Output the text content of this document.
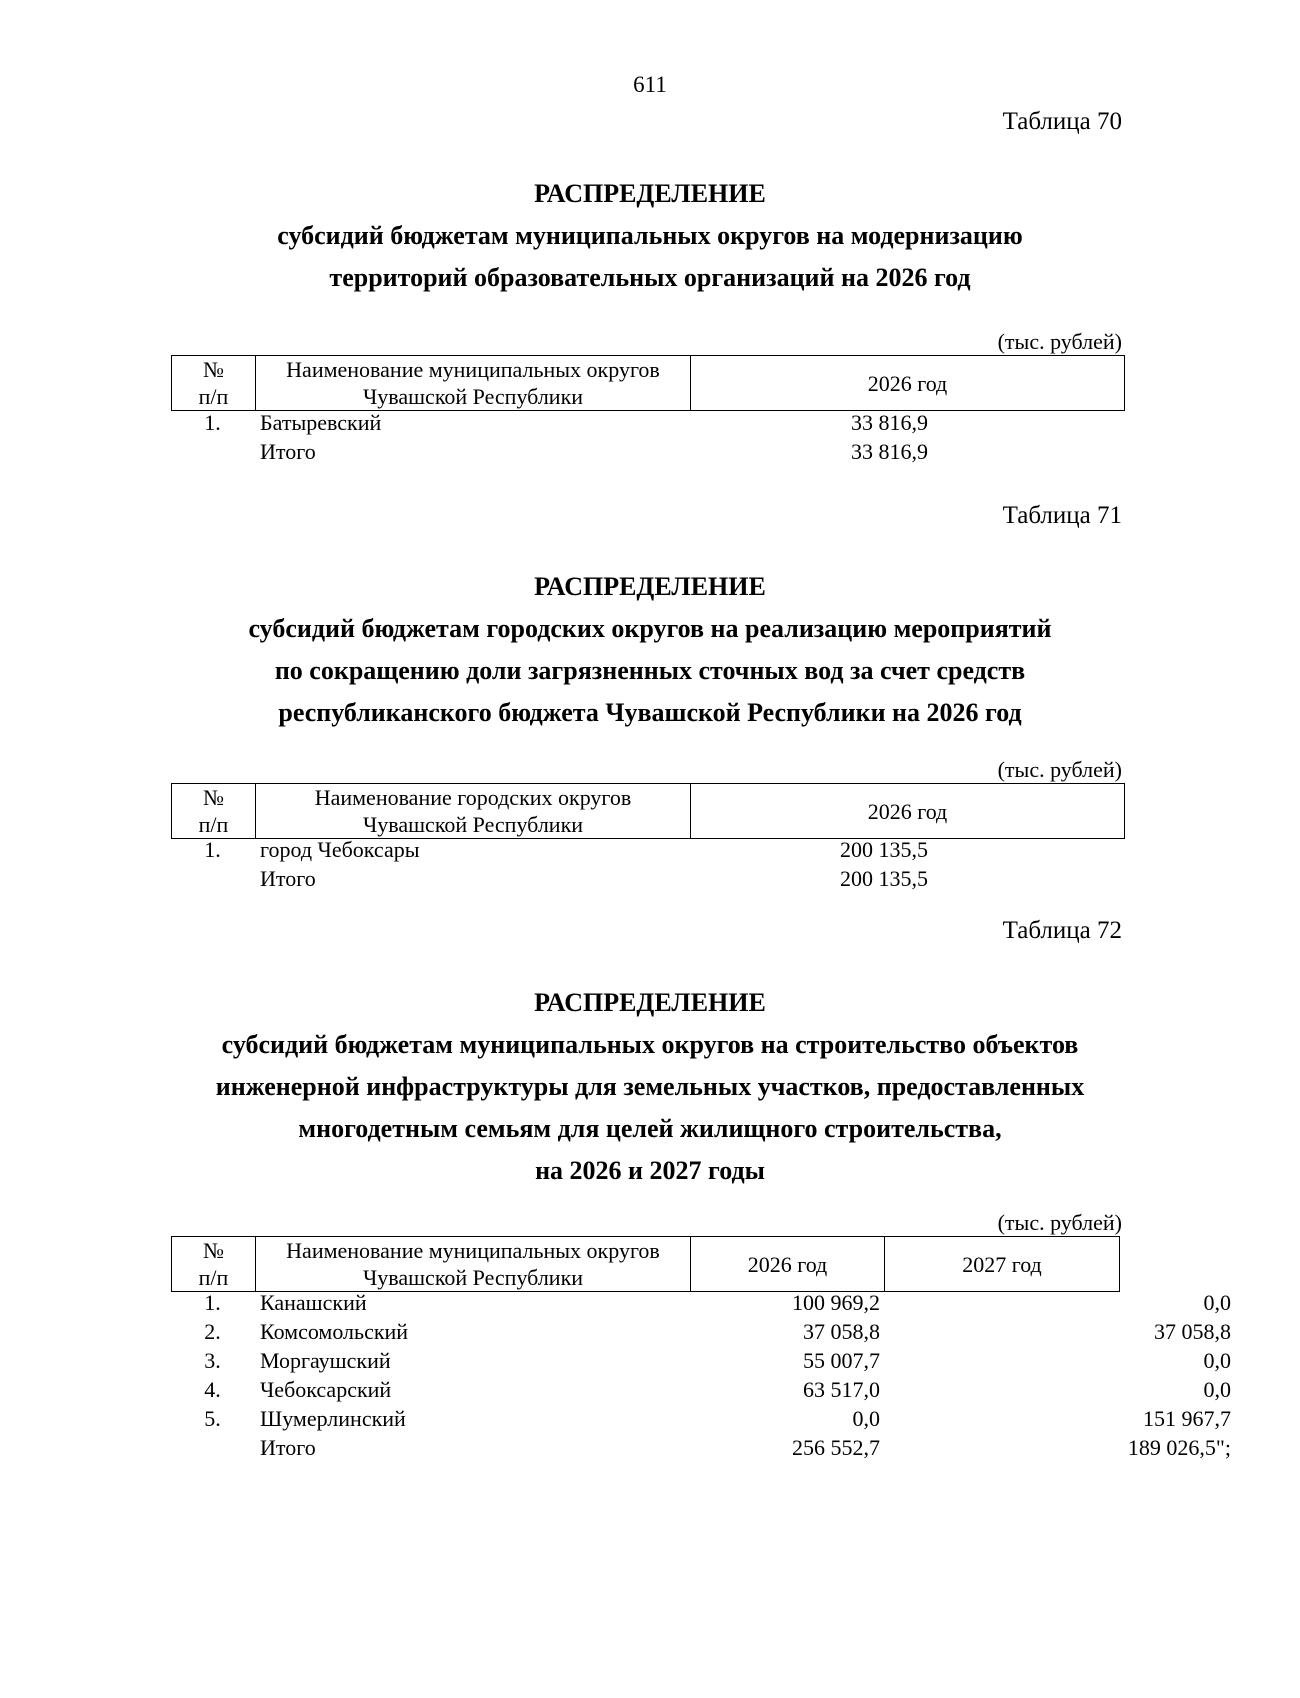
611
Таблица 70
РАСПРЕДЕЛЕНИЕ
субсидий бюджетам муниципальных округов на модернизацию
территорий образовательных организаций на 2026 год
(тыс. рублей)
№
п/п

Наименование муниципальных округов
Чувашской Республики
	2026 год
1.	Батыревский	33 816,9
Итого	33 816,9
Таблица 71
РАСПРЕДЕЛЕНИЕ
субсидий бюджетам городских округов на реализацию мероприятий
по сокращению доли загрязненных сточных вод за счет средств
республиканского бюджета Чувашской Республики на 2026 год
(тыс. рублей)
№
п/п

Наименование городских округов
Чувашской Республики
	2026 год
1.	город Чебоксары	200 135,5
Итого	200 135,5
Таблица 72
РАСПРЕДЕЛЕНИЕ
субсидий бюджетам муниципальных округов на строительство объектов
инженерной инфраструктуры для земельных участков, предоставленных
многодетным семьям для целей жилищного строительства,
на 2026 и 2027 годы
(тыс. рублей)
№
п/п

Наименование муниципальных округов
Чувашской Республики
	2026 год	2027 год
1.	Канашский	100 969,2	0,0
2.	Комсомольский	37 058,8	37 058,8
3.	Моргаушский	55 007,7	0,0
4.	Чебоксарский	63 517,0	0,0
5.	Шумерлинский	0,0	151 967,7
Итого	256 552,7	189 026,5";
